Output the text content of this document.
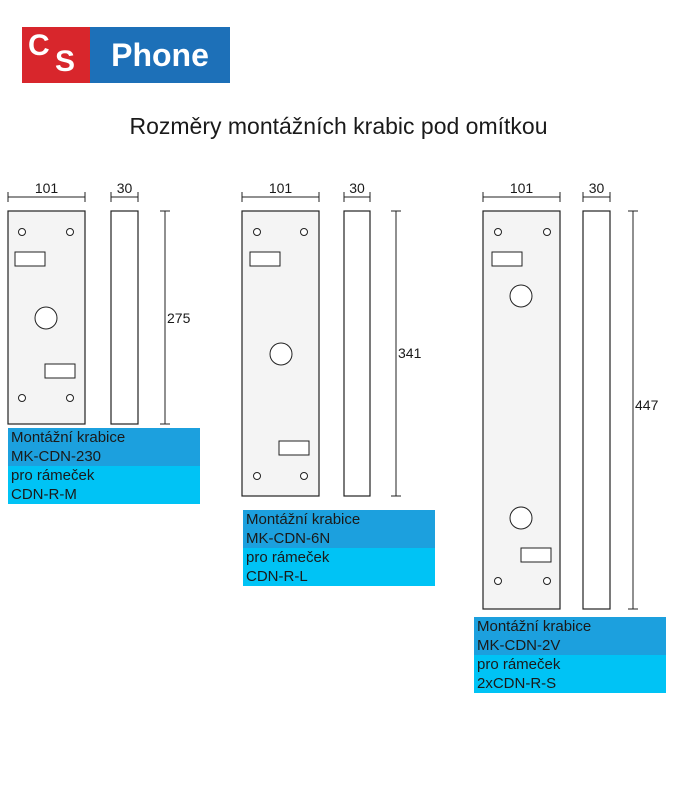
C S	Phone
Rozměry montážních krabic pod omítkou
101	30
275
101	30
341
101	30
447
Montážní krabice
MK-CDN-230
pro rámeček
CDN-R-M
Montážní krabice
MK-CDN-6N
pro rámeček
CDN-R-L
Montážní krabice
MK-CDN-2V
pro rámeček
2xCDN-R-S
